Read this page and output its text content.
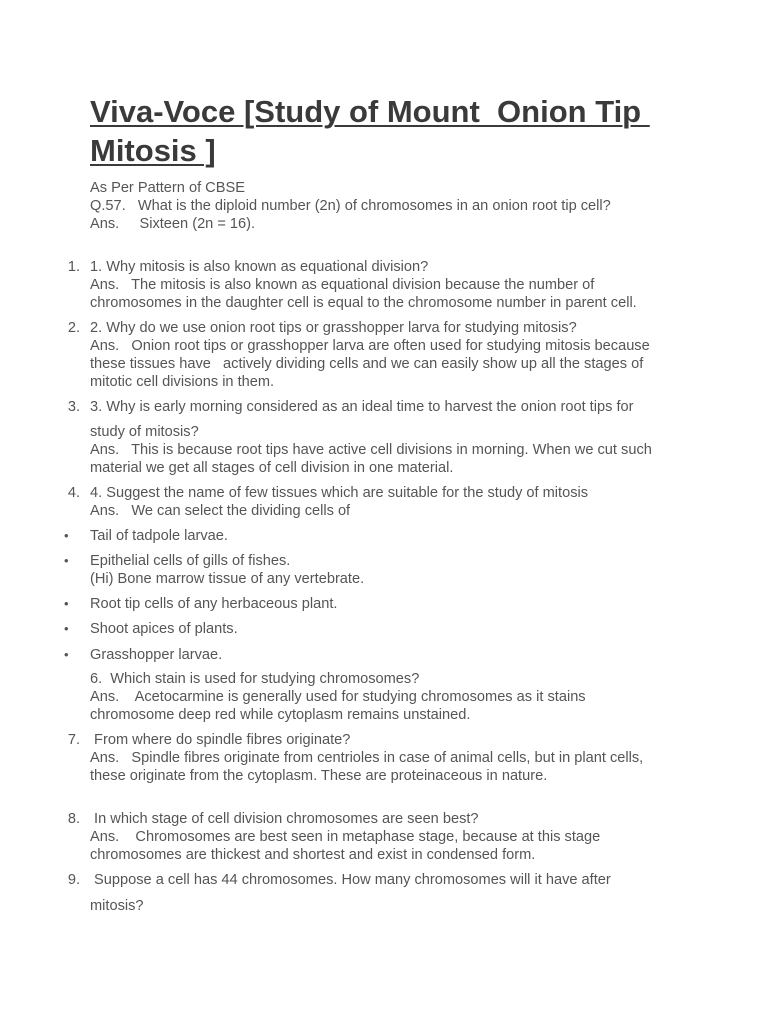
Viva-Voce [Study of Mount  Onion Tip
Mitosis ]
As Per Pattern of CBSE
Q.57.   What is the diploid number (2n) of chromosomes in an onion root tip cell?
Ans.     Sixteen (2n = 16).
1. 1. Why mitosis is also known as equational division?
Ans.   The mitosis is also known as equational division because the number of
chromosomes in the daughter cell is equal to the chromosome number in parent cell.
2. 2. Why do we use onion root tips or grasshopper larva for studying mitosis?
Ans.   Onion root tips or grasshopper larva are often used for studying mitosis because
these tissues have   actively dividing cells and we can easily show up all the stages of
mitotic cell divisions in them.
3. 3. Why is early morning considered as an ideal time to harvest the onion root tips for
study of mitosis?
Ans.   This is because root tips have active cell divisions in morning. When we cut such
material we get all stages of cell division in one material.
4. 4. Suggest the name of few tissues which are suitable for the study of mitosis
Ans.   We can select the dividing cells of
• Tail of tadpole larvae.
• Epithelial cells of gills of fishes.
(Hi) Bone marrow tissue of any vertebrate.
• Root tip cells of any herbaceous plant.
• Shoot apices of plants.
• Grasshopper larvae.
6.  Which stain is used for studying chromosomes?
Ans.    Acetocarmine is generally used for studying chromosomes as it stains
chromosome deep red while cytoplasm remains unstained.
7. From where do spindle fibres originate?
Ans.   Spindle fibres originate from centrioles in case of animal cells, but in plant cells,
these originate from the cytoplasm. These are proteinaceous in nature.
8. In which stage of cell division chromosomes are seen best?
Ans.    Chromosomes are best seen in metaphase stage, because at this stage
chromosomes are thickest and shortest and exist in condensed form.
9. Suppose a cell has 44 chromosomes. How many chromosomes will it have after
mitosis?
